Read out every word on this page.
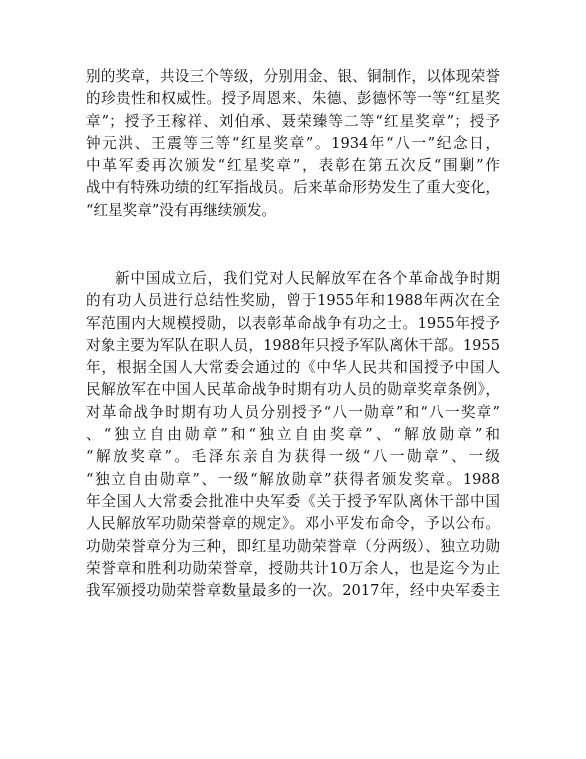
别的奖章，共设三个等级，分别用金、银、铜制作，以体现荣誉
的珍贵性和权威性。授予周恩来、朱德、彭德怀等一等“红星奖
章”；授予王稼祥、刘伯承、聂荣臻等二等“红星奖章”；授予
钟元洪、王震等三等“红星奖章”。1934年“八一”纪念日，
中革军委再次颁发“红星奖章”，表彰在第五次反“围剿”作
战中有特殊功绩的红军指战员。后来革命形势发生了重大变化，
“红星奖章”没有再继续颁发。
新中国成立后，我们党对人民解放军在各个革命战争时期
的有功人员进行总结性奖励，曾于1955年和1988年两次在全
军范围内大规模授勋，以表彰革命战争有功之士。1955年授予
对象主要为军队在职人员，1988年只授予军队离休干部。1955
年，根据全国人大常委会通过的《中华人民共和国授予中国人
民解放军在中国人民革命战争时期有功人员的勋章奖章条例》，
对革命战争时期有功人员分别授予“八一勋章”和“八一奖章”
、“独立自由勋章”和“独立自由奖章”、“解放勋章”和
“解放奖章”。毛泽东亲自为获得一级“八一勋章”、一级
“独立自由勋章”、一级“解放勋章”获得者颁发奖章。1988
年全国人大常委会批准中央军委《关于授予军队离休干部中国
人民解放军功勋荣誉章的规定》。邓小平发布命令，予以公布。
功勋荣誉章分为三种，即红星功勋荣誉章（分两级）、独立功勋
荣誉章和胜利功勋荣誉章，授勋共计10万余人，也是迄今为止
我军颁授功勋荣誉章数量最多的一次。2017年，经中央军委主
